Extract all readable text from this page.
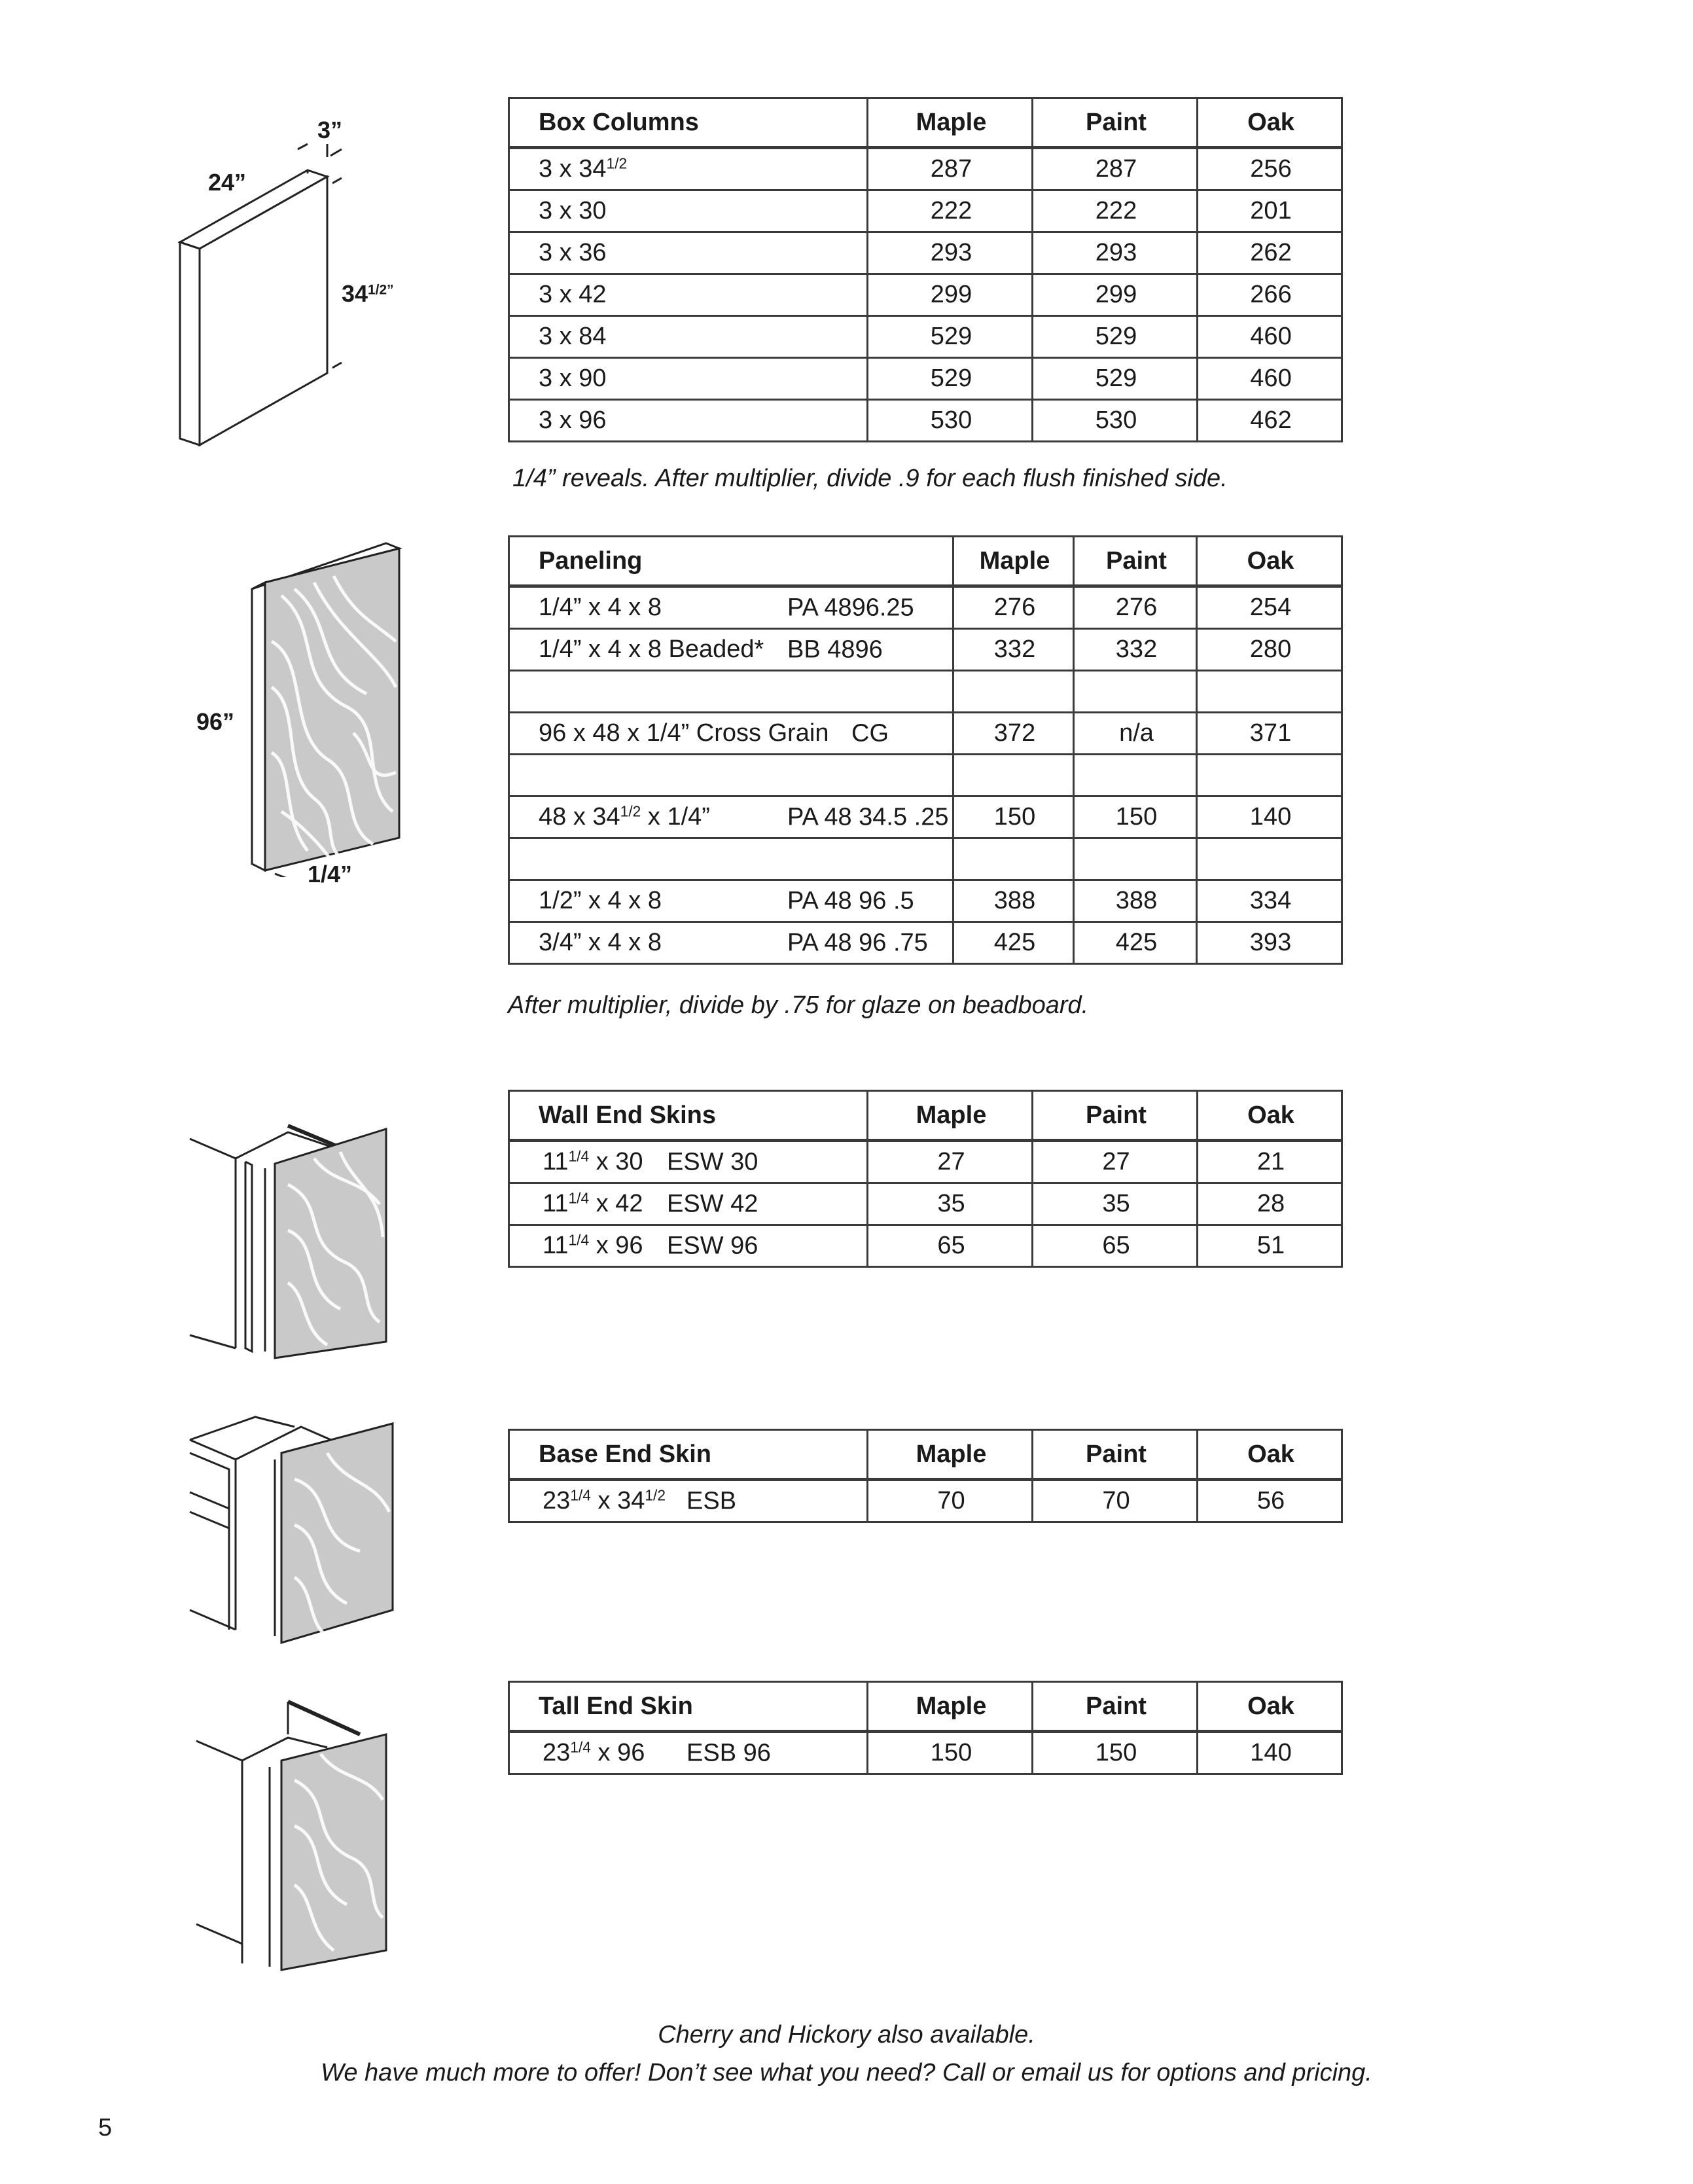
3”
24”
$34^{1/2”}$
Box Columns	Maple	Paint	Oak
3 x $34^{1/2}$	287	287	256
3 x 30	222	222	201
3 x 36	293	293	262
3 x 42	299	299	266
3 x 84	529	529	460
3 x 90	529	529	460
3 x 96	530	530	462
1/4” reveals. After multiplier, divide .9 for each flush finished side.
96”
1/4”
Paneling	Maple	Paint	Oak
1/4” x 4 x 8 PA 4896.25	276	276	254
1/4” x 4 x 8 Beaded* BB 4896	332	332	280

96 x 48 x 1/4” Cross Grain CG	372	n/a	371

48 x $34^{1/2}$ x 1/4” PA 48 34.5 .25	150	150	140

1/2” x 4 x 8 PA 48 96 .5	388	388	334
3/4” x 4 x 8 PA 48 96 .75	425	425	393
After multiplier, divide by .75 for glaze on beadboard.
Wall End Skins	Maple	Paint	Oak
$11^{1/4}$ x 30 ESW 30	27	27	21
$11^{1/4}$ x 42 ESW 42	35	35	28
$11^{1/4}$ x 96 ESW 96	65	65	51
Base End Skin	Maple	Paint	Oak
$23^{1/4}$ x $34^{1/2}$ ESB	70	70	56
Tall End Skin	Maple	Paint	Oak
$23^{1/4}$ x 96 ESB 96	150	150	140
Cherry and Hickory also available.
We have much more to offer! Don’t see what you need? Call or email us for options and pricing.
5
